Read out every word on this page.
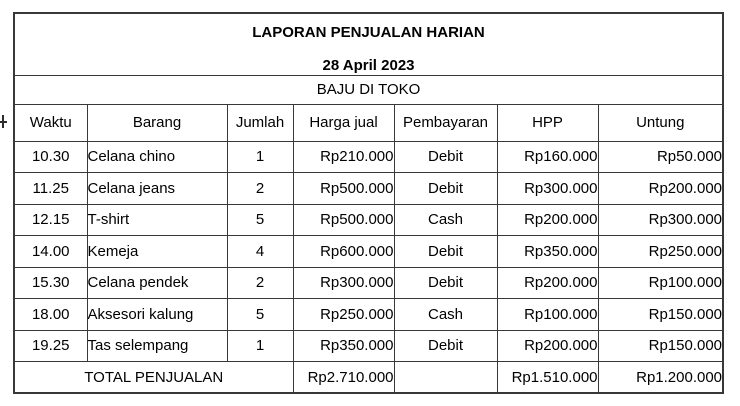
LAPORAN PENJUALAN HARIAN
28 April 2023						

BAJU DI TOKO						
Waktu	Barang	Jumlah	Harga jual	Pembayaran	HPP	Untung
10.30	Celana chino	1	Rp210.000	Debit	Rp160.000	Rp50.000
11.25	Celana jeans	2	Rp500.000	Debit	Rp300.000	Rp200.000
12.15	T-shirt	5	Rp500.000	Cash	Rp200.000	Rp300.000
14.00	Kemeja	4	Rp600.000	Debit	Rp350.000	Rp250.000
15.30	Celana pendek	2	Rp300.000	Debit	Rp200.000	Rp100.000
18.00	Aksesori kalung	5	Rp250.000	Cash	Rp100.000	Rp150.000
19.25	Tas selempang	1	Rp350.000	Debit	Rp200.000	Rp150.000
TOTAL PENJUALAN			Rp2.710.000		Rp1.510.000	Rp1.200.000
